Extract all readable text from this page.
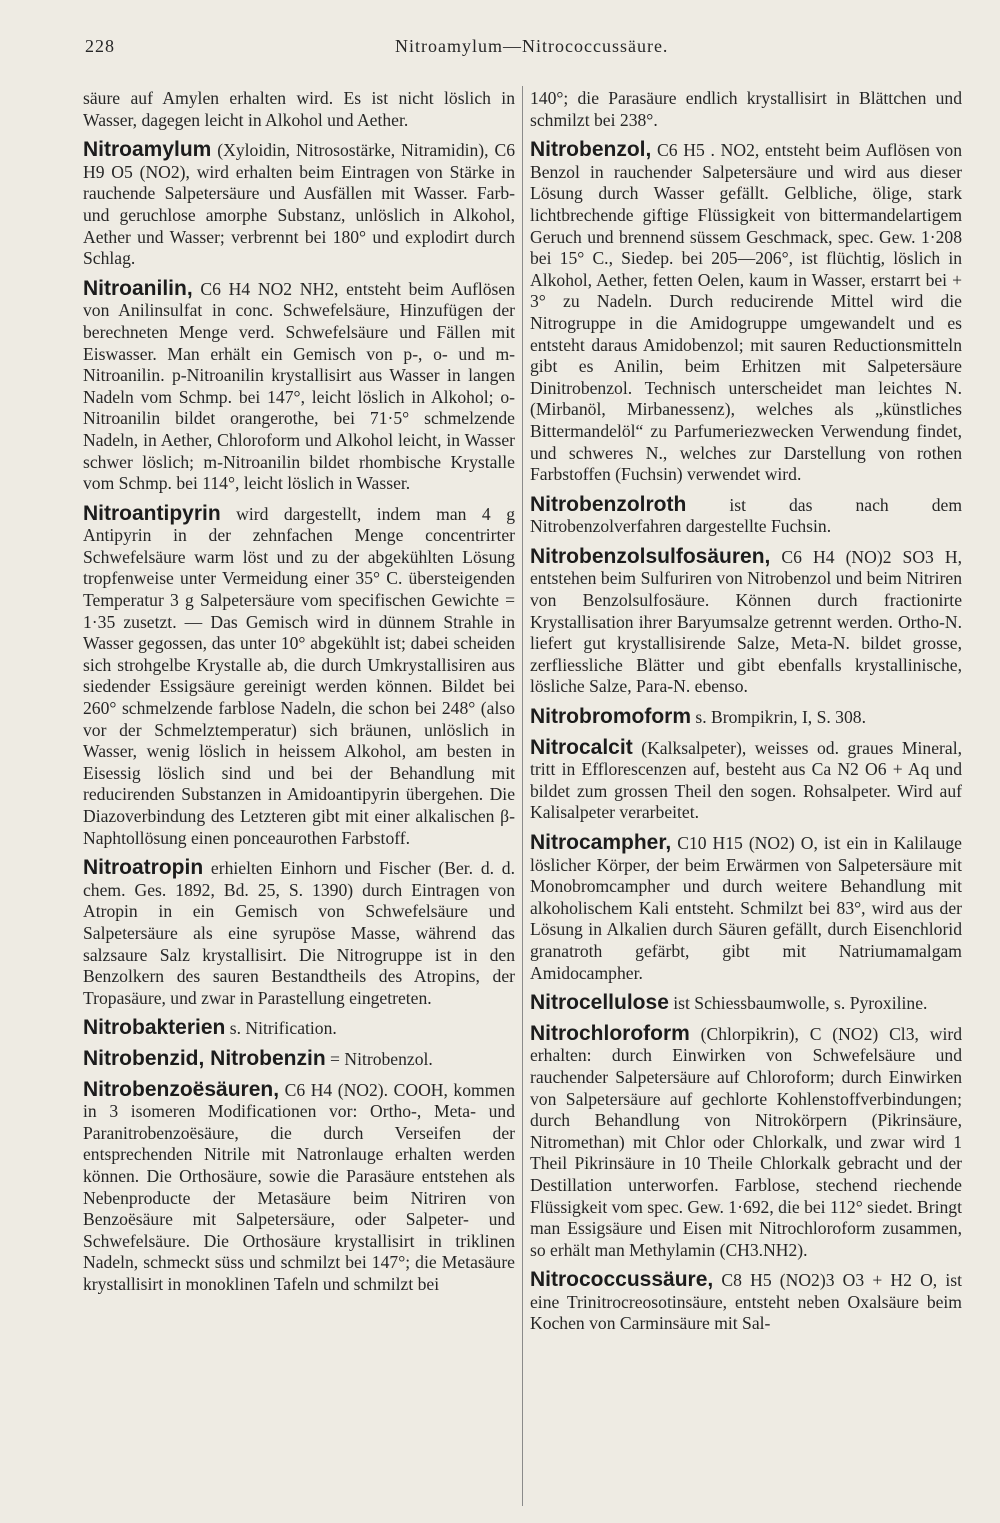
228	Nitroamylum—Nitrococcussäure.

säure auf Amylen erhalten wird. Es ist nicht löslich in Wasser, dagegen leicht in Alkohol und Aether.

Nitroamylum (Xyloidin, Nitrosostärke, Nitramidin), C6 H9 O5 (NO2), wird erhalten beim Eintragen von Stärke in rauchende Salpetersäure und Ausfällen mit Wasser. Farb- und geruchlose amorphe Substanz, unlöslich in Alkohol, Aether und Wasser; verbrennt bei 180° und explodirt durch Schlag.

Nitroanilin, C6 H4 NO2 NH2, entsteht beim Auflösen von Anilinsulfat in conc. Schwefelsäure, Hinzufügen der berechneten Menge verd. Schwefelsäure und Fällen mit Eiswasser. Man erhält ein Gemisch von p-, o- und m-Nitroanilin. p-Nitroanilin krystallisirt aus Wasser in langen Nadeln vom Schmp. bei 147°, leicht löslich in Alkohol; o-Nitroanilin bildet orangerothe, bei 71·5° schmelzende Nadeln, in Aether, Chloroform und Alkohol leicht, in Wasser schwer löslich; m-Nitroanilin bildet rhombische Krystalle vom Schmp. bei 114°, leicht löslich in Wasser.

Nitroantipyrin wird dargestellt, indem man 4 g Antipyrin in der zehnfachen Menge concentrirter Schwefelsäure warm löst und zu der abgekühlten Lösung tropfenweise unter Vermeidung einer 35° C. übersteigenden Temperatur 3 g Salpetersäure vom specifischen Gewichte = 1·35 zusetzt. — Das Gemisch wird in dünnem Strahle in Wasser gegossen, das unter 10° abgekühlt ist; dabei scheiden sich strohgelbe Krystalle ab, die durch Umkrystallisiren aus siedender Essigsäure gereinigt werden können. Bildet bei 260° schmelzende farblose Nadeln, die schon bei 248° (also vor der Schmelztemperatur) sich bräunen, unlöslich in Wasser, wenig löslich in heissem Alkohol, am besten in Eisessig löslich sind und bei der Behandlung mit reducirenden Substanzen in Amidoantipyrin übergehen. Die Diazoverbindung des Letzteren gibt mit einer alkalischen β-Naphtollösung einen ponceaurothen Farbstoff.

Nitroatropin erhielten Einhorn und Fischer (Ber. d. d. chem. Ges. 1892, Bd. 25, S. 1390) durch Eintragen von Atropin in ein Gemisch von Schwefelsäure und Salpetersäure als eine syrupöse Masse, während das salzsaure Salz krystallisirt. Die Nitrogruppe ist in den Benzolkern des sauren Bestandtheils des Atropins, der Tropasäure, und zwar in Parastellung eingetreten.

Nitrobakterien s. Nitrification.

Nitrobenzid, Nitrobenzin = Nitrobenzol.

Nitrobenzoësäuren, C6 H4 (NO2). COOH, kommen in 3 isomeren Modificationen vor: Ortho-, Meta- und Paranitrobenzoësäure, die durch Verseifen der entsprechenden Nitrile mit Natronlauge erhalten werden können. Die Orthosäure, sowie die Parasäure entstehen als Nebenproducte der Metasäure beim Nitriren von Benzoësäure mit Salpetersäure, oder Salpeter- und Schwefelsäure. Die Orthosäure krystallisirt in triklinen Nadeln, schmeckt süss und schmilzt bei 147°; die Metasäure krystallisirt in monoklinen Tafeln und schmilzt bei

140°; die Parasäure endlich krystallisirt in Blättchen und schmilzt bei 238°.

Nitrobenzol, C6 H5 . NO2, entsteht beim Auflösen von Benzol in rauchender Salpetersäure und wird aus dieser Lösung durch Wasser gefällt. Gelbliche, ölige, stark lichtbrechende giftige Flüssigkeit von bittermandelartigem Geruch und brennend süssem Geschmack, spec. Gew. 1·208 bei 15° C., Siedep. bei 205—206°, ist flüchtig, löslich in Alkohol, Aether, fetten Oelen, kaum in Wasser, erstarrt bei + 3° zu Nadeln. Durch reducirende Mittel wird die Nitrogruppe in die Amidogruppe umgewandelt und es entsteht daraus Amidobenzol; mit sauren Reductionsmitteln gibt es Anilin, beim Erhitzen mit Salpetersäure Dinitrobenzol. Technisch unterscheidet man leichtes N. (Mirbanöl, Mirbanessenz), welches als „künstliches Bittermandelöl“ zu Parfumeriezwecken Verwendung findet, und schweres N., welches zur Darstellung von rothen Farbstoffen (Fuchsin) verwendet wird.

Nitrobenzolroth ist das nach dem Nitrobenzolverfahren dargestellte Fuchsin.

Nitrobenzolsulfosäuren, C6 H4 (NO)2 SO3 H, entstehen beim Sulfuriren von Nitrobenzol und beim Nitriren von Benzolsulfosäure. Können durch fractionirte Krystallisation ihrer Baryumsalze getrennt werden. Ortho-N. liefert gut krystallisirende Salze, Meta-N. bildet grosse, zerfliessliche Blätter und gibt ebenfalls krystallinische, lösliche Salze, Para-N. ebenso.

Nitrobromoform s. Brompikrin, I, S. 308.

Nitrocalcit (Kalksalpeter), weisses od. graues Mineral, tritt in Efflorescenzen auf, besteht aus Ca N2 O6 + Aq und bildet zum grossen Theil den sogen. Rohsalpeter. Wird auf Kalisalpeter verarbeitet.

Nitrocampher, C10 H15 (NO2) O, ist ein in Kalilauge löslicher Körper, der beim Erwärmen von Salpetersäure mit Monobromcampher und durch weitere Behandlung mit alkoholischem Kali entsteht. Schmilzt bei 83°, wird aus der Lösung in Alkalien durch Säuren gefällt, durch Eisenchlorid granatroth gefärbt, gibt mit Natriumamalgam Amidocampher.

Nitrocellulose ist Schiessbaumwolle, s. Pyroxiline.

Nitrochloroform (Chlorpikrin), C (NO2) Cl3, wird erhalten: durch Einwirken von Schwefelsäure und rauchender Salpetersäure auf Chloroform; durch Einwirken von Salpetersäure auf gechlorte Kohlenstoffverbindungen; durch Behandlung von Nitrokörpern (Pikrinsäure, Nitromethan) mit Chlor oder Chlorkalk, und zwar wird 1 Theil Pikrinsäure in 10 Theile Chlorkalk gebracht und der Destillation unterworfen. Farblose, stechend riechende Flüssigkeit vom spec. Gew. 1·692, die bei 112° siedet. Bringt man Essigsäure und Eisen mit Nitrochloroform zusammen, so erhält man Methylamin (CH3.NH2).

Nitrococcussäure, C8 H5 (NO2)3 O3 + H2 O, ist eine Trinitrocreosotinsäure, entsteht neben Oxalsäure beim Kochen von Carminsäure mit Sal-
